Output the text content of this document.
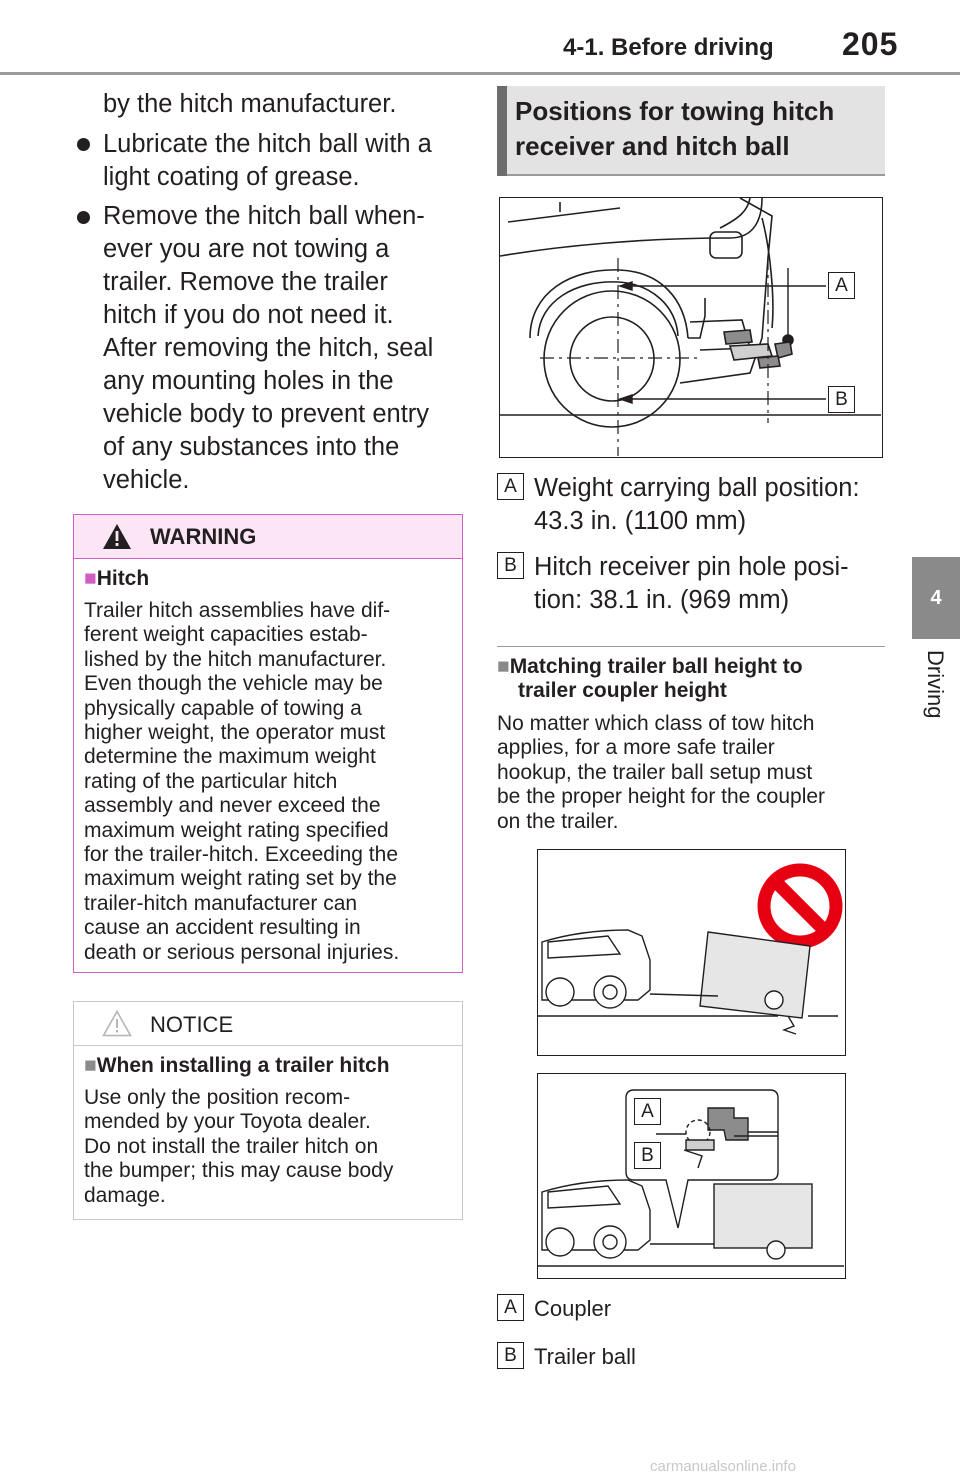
4-1. Before driving 205
4
Driving
by the hitch manufacturer.
Lubricate the hitch ball with a
light coating of grease.
Remove the hitch ball when-
ever you are not towing a
trailer. Remove the trailer
hitch if you do not need it.
After removing the hitch, seal
any mounting holes in the
vehicle body to prevent entry
of any substances into the
vehicle.
WARNING
■Hitch
Trailer hitch assemblies have dif-
ferent weight capacities estab-
lished by the hitch manufacturer.
Even though the vehicle may be
physically capable of towing a
higher weight, the operator must
determine the maximum weight
rating of the particular hitch
assembly and never exceed the
maximum weight rating specified
for the trailer-hitch. Exceeding the
maximum weight rating set by the
trailer-hitch manufacturer can
cause an accident resulting in
death or serious personal injuries.
NOTICE
■When installing a trailer hitch
Use only the position recom-
mended by your Toyota dealer.
Do not install the trailer hitch on
the bumper; this may cause body
damage.
Positions for towing hitch
receiver and hitch ball
A
B
A Weight carrying ball position:
43.3 in. (1100 mm)
B Hitch receiver pin hole posi-
tion: 38.1 in. (969 mm)
■Matching trailer ball height to
trailer coupler height
No matter which class of tow hitch
applies, for a more safe trailer
hookup, the trailer ball setup must
be the proper height for the coupler
on the trailer.
A
B
A Coupler
B Trailer ball
carmanualsonline.info
